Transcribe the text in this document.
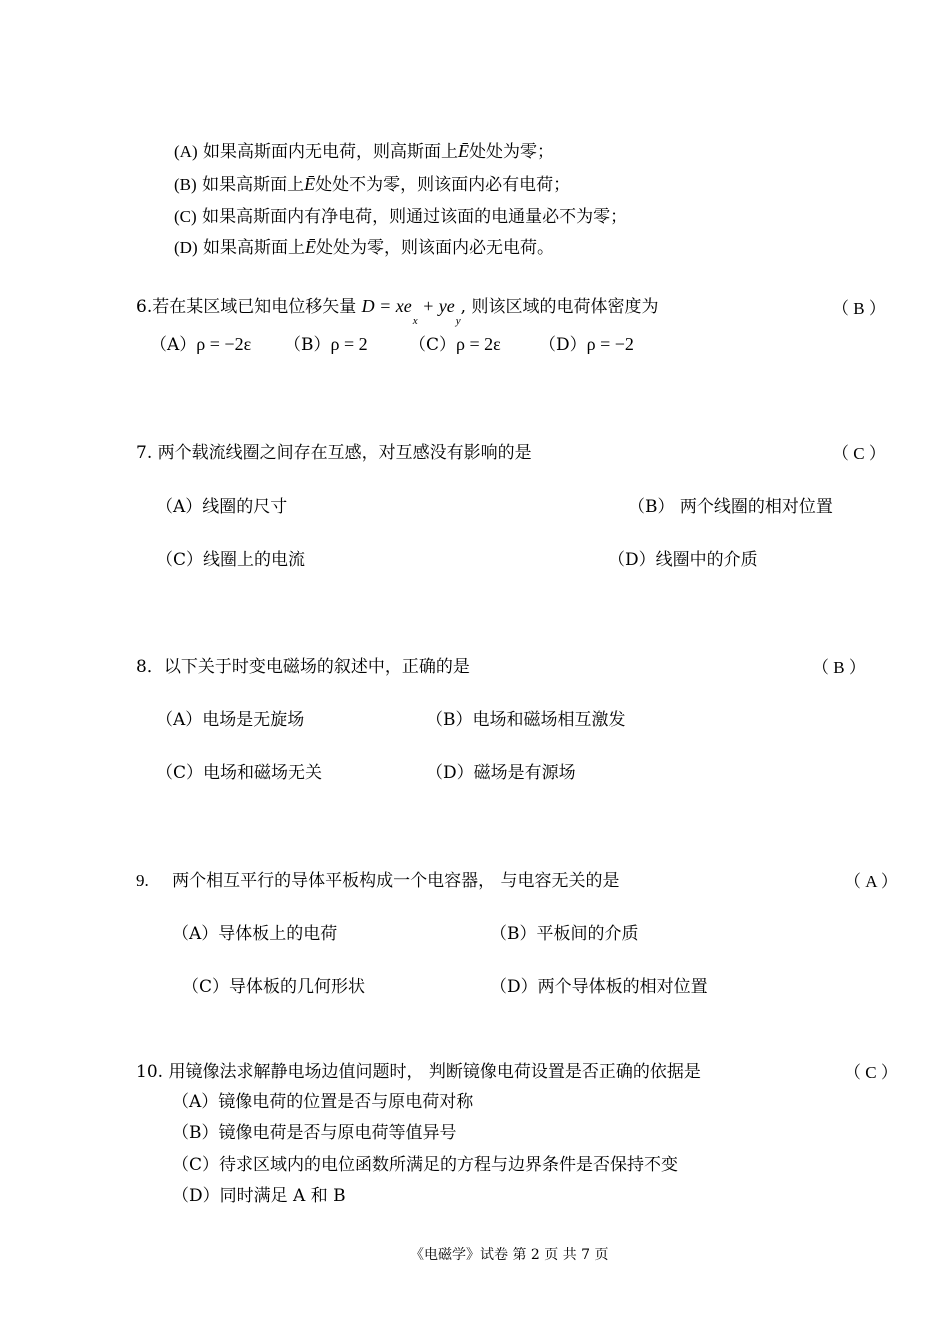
(A) 如果高斯面内无电荷，则高斯面上Ē处处为零；
(B) 如果高斯面上Ē处处不为零，则该面内必有电荷；
(C) 如果高斯面内有净电荷，则通过该面的电通量必不为零；
(D) 如果高斯面上Ē处处为零，则该面内必无电荷。
6.若在某区域已知电位移矢量 $D = xe_x + ye_y$, 则该区域的电荷体密度为	（ B ）
（A）ρ = −2ε （B）ρ = 2 （C）ρ = 2ε （D）ρ = −2
7. 两个载流线圈之间存在互感，对互感没有影响的是	（ C ）
（A）线圈的尺寸	（B） 两个线圈的相对位置
（C）线圈上的电流	（D）线圈中的介质
8．以下关于时变电磁场的叙述中，正确的是	（ B ）
（A）电场是无旋场	（B）电场和磁场相互激发
（C）电场和磁场无关	（D）磁场是有源场
9. 两个相互平行的导体平板构成一个电容器， 与电容无关的是	（ A ）
（A）导体板上的电荷	（B）平板间的介质
（C）导体板的几何形状	（D）两个导体板的相对位置
10. 用镜像法求解静电场边值问题时， 判断镜像电荷设置是否正确的依据是	（ C ）
（A）镜像电荷的位置是否与原电荷对称
（B）镜像电荷是否与原电荷等值异号
（C）待求区域内的电位函数所满足的方程与边界条件是否保持不变
（D）同时满足 A 和 B
《电磁学》试卷 第 2 页 共 7 页
